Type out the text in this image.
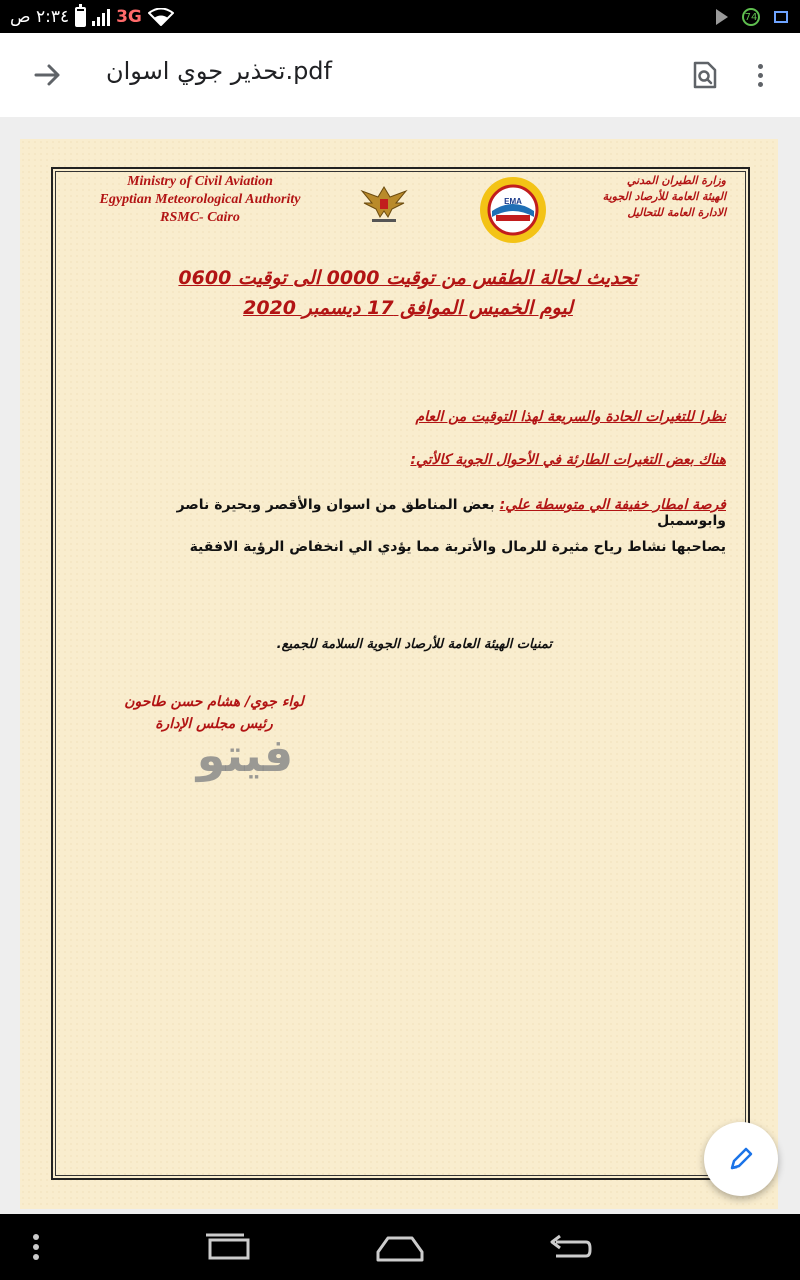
٢:٣٤ ص	3G	74
تحذير جوي اسوان.pdf
Ministry of Civil Aviation
Egyptian Meteorological Authority
RSMC- Cairo
EMA
وزارة الطيران المدني
الهيئة العامة للأرصاد الجوية
الادارة العامة للتحاليل
تحديث لحالة الطقس من توقيت 0000 الى توقيت 0600
ليوم الخميس الموافق 17 ديسمبر 2020
نظرا للتغيرات الحادة والسريعة لهذا التوقيت من العام
هناك بعض التغيرات الطارئة في الأحوال الجوية كالأتي:
فرصة امطار خفيفة الي متوسطة علي: بعض المناطق من اسوان والأقصر وبحيرة ناصر وابوسمبل
يصاحبها نشاط رياح مثيرة للرمال والأتربة مما يؤدي الي انخفاض الرؤية الافقية
تمنيات الهيئة العامة للأرصاد الجوية السلامة للجميع.
لواء جوي/ هشام حسن طاحون
رئيس مجلس الإدارة
فيتو
